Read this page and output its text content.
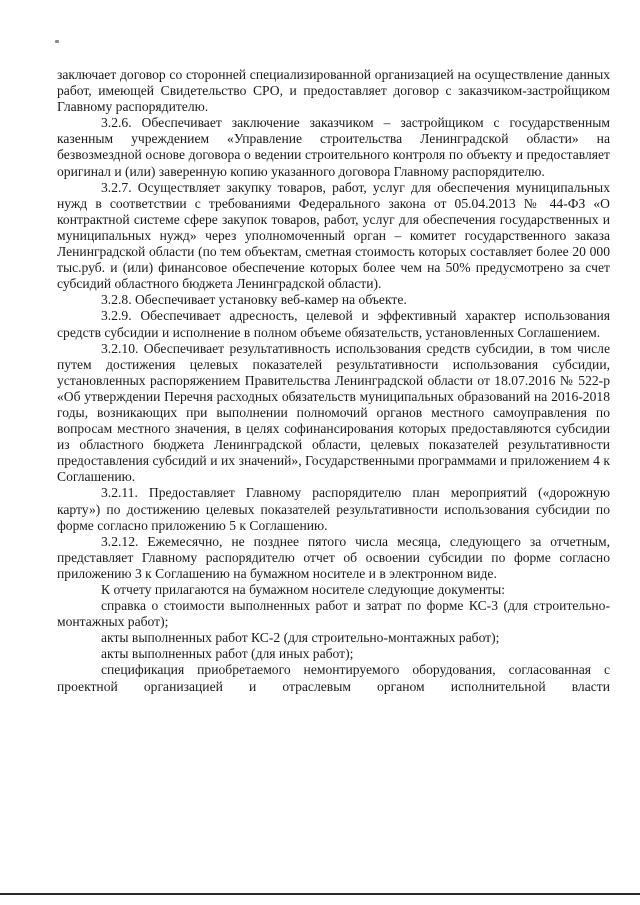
заключает договор со сторонней специализированной организацией на осуществление данных работ, имеющей Свидетельство СРО, и предоставляет договор с заказчиком-застройщиком Главному распорядителю.

3.2.6. Обеспечивает заключение заказчиком – застройщиком с государственным казенным учреждением «Управление строительства Ленинградской области» на безвозмездной основе договора о ведении строительного контроля по объекту и предоставляет оригинал и (или) заверенную копию указанного договора Главному распорядителю.

3.2.7. Осуществляет закупку товаров, работ, услуг для обеспечения муниципальных нужд в соответствии с требованиями Федерального закона от 05.04.2013 № 44-ФЗ «О контрактной системе сфере закупок товаров, работ, услуг для обеспечения государственных и муниципальных нужд» через уполномоченный орган – комитет государственного заказа Ленинградской области (по тем объектам, сметная стоимость которых составляет более 20 000 тыс.руб. и (или) финансовое обеспечение которых более чем на 50% предусмотрено за счет субсидий областного бюджета Ленинградской области).

3.2.8. Обеспечивает установку веб-камер на объекте.

3.2.9. Обеспечивает адресность, целевой и эффективный характер использования средств субсидии и исполнение в полном объеме обязательств, установленных Соглашением.

3.2.10. Обеспечивает результативность использования средств субсидии, в том числе путем достижения целевых показателей результативности использования субсидии, установленных распоряжением Правительства Ленинградской области от 18.07.2016 № 522-р «Об утверждении Перечня расходных обязательств муниципальных образований на 2016-2018 годы, возникающих при выполнении полномочий органов местного самоуправления по вопросам местного значения, в целях софинансирования которых предоставляются субсидии из областного бюджета Ленинградской области, целевых показателей результативности предоставления субсидий и их значений», Государственными программами и приложением 4 к Соглашению.

3.2.11. Предоставляет Главному распорядителю план мероприятий («дорожную карту») по достижению целевых показателей результативности использования субсидии по форме согласно приложению 5 к Соглашению.

3.2.12. Ежемесячно, не позднее пятого числа месяца, следующего за отчетным, представляет Главному распорядителю отчет об освоении субсидии по форме согласно приложению 3 к Соглашению на бумажном носителе и в электронном виде.

К отчету прилагаются на бумажном носителе следующие документы:

справка о стоимости выполненных работ и затрат по форме КС-3 (для строительно-монтажных работ);

акты выполненных работ КС-2 (для строительно-монтажных работ);

акты выполненных работ (для иных работ);

спецификация приобретаемого немонтируемого оборудования, согласованная с проектной организацией и отраслевым органом исполнительной власти
